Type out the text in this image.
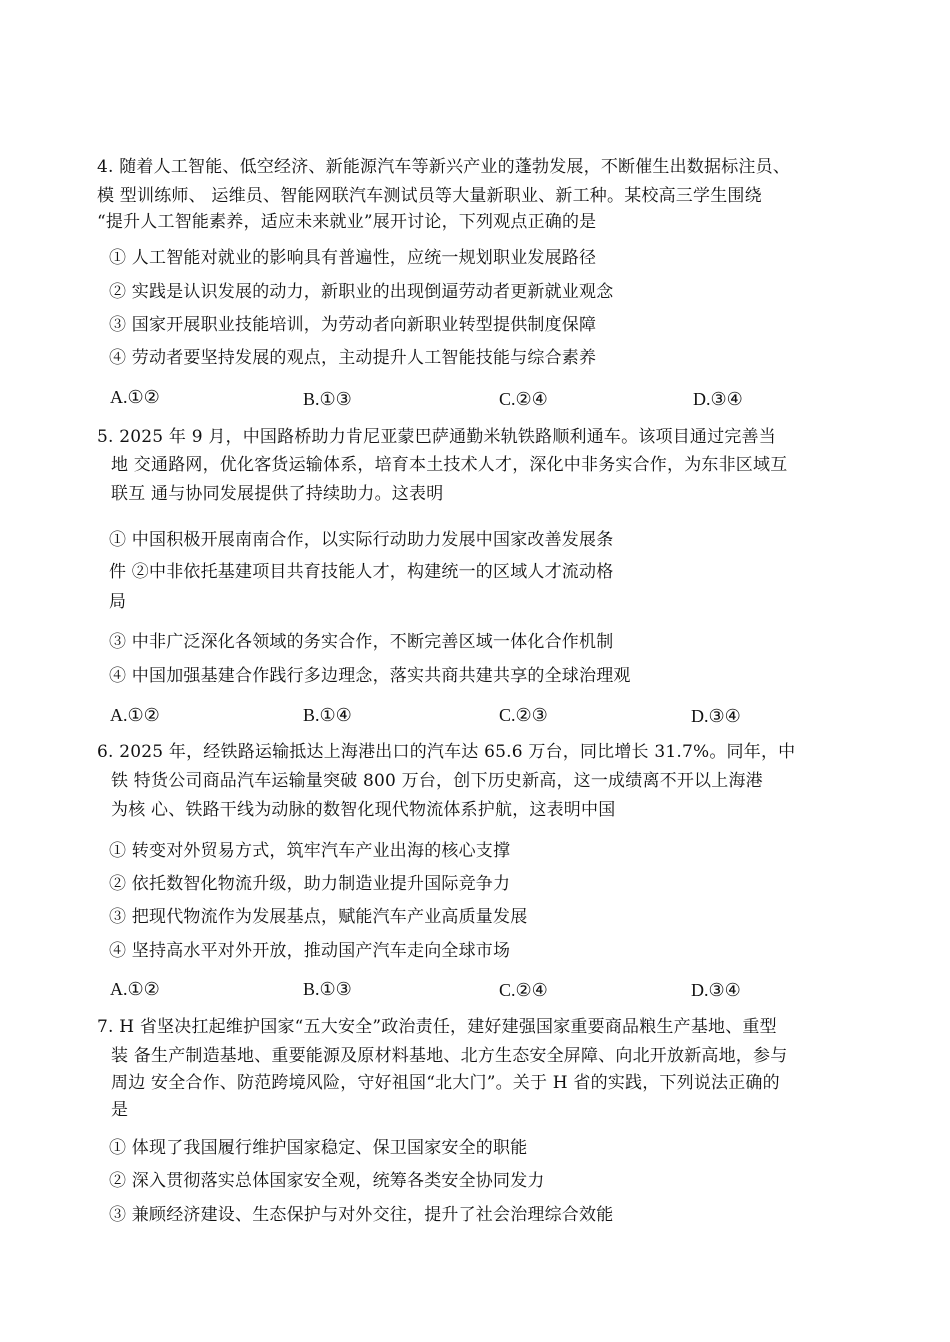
4. 随着人工智能、低空经济、新能源汽车等新兴产业的蓬勃发展，不断催生出数据标注员、
模 型训练师、 运维员、智能网联汽车测试员等大量新职业、新工种。某校高三学生围绕
“提升人工智能素养，适应未来就业”展开讨论，下列观点正确的是
① 人工智能对就业的影响具有普遍性，应统一规划职业发展路径
② 实践是认识发展的动力，新职业的出现倒逼劳动者更新就业观念
③ 国家开展职业技能培训，为劳动者向新职业转型提供制度保障
④ 劳动者要坚持发展的观点，主动提升人工智能技能与综合素养
A.①②	B.①③	C.②④	D.③④
5. 2025 年 9 月，中国路桥助力肯尼亚蒙巴萨通勤米轨铁路顺利通车。该项目通过完善当
地 交通路网，优化客货运输体系，培育本土技术人才，深化中非务实合作，为东非区域互
联互 通与协同发展提供了持续助力。这表明
① 中国积极开展南南合作，以实际行动助力发展中国家改善发展条
件 ②中非依托基建项目共育技能人才，构建统一的区域人才流动格
局
③ 中非广泛深化各领域的务实合作，不断完善区域一体化合作机制
④ 中国加强基建合作践行多边理念，落实共商共建共享的全球治理观
A.①②	B.①④	C.②③	D.③④
6. 2025 年，经铁路运输抵达上海港出口的汽车达 65.6 万台，同比增长 31.7%。同年，中
铁 特货公司商品汽车运输量突破 800 万台，创下历史新高，这一成绩离不开以上海港
为核 心、铁路干线为动脉的数智化现代物流体系护航，这表明中国
① 转变对外贸易方式，筑牢汽车产业出海的核心支撑
② 依托数智化物流升级，助力制造业提升国际竞争力
③ 把现代物流作为发展基点，赋能汽车产业高质量发展
④ 坚持高水平对外开放，推动国产汽车走向全球市场
A.①②	B.①③	C.②④	D.③④
7. H 省坚决扛起维护国家“五大安全”政治责任，建好建强国家重要商品粮生产基地、重型
装 备生产制造基地、重要能源及原材料基地、北方生态安全屏障、向北开放新高地，参与
周边 安全合作、防范跨境风险，守好祖国“北大门”。关于 H 省的实践，下列说法正确的
是
① 体现了我国履行维护国家稳定、保卫国家安全的职能
② 深入贯彻落实总体国家安全观，统筹各类安全协同发力
③ 兼顾经济建设、生态保护与对外交往，提升了社会治理综合效能
